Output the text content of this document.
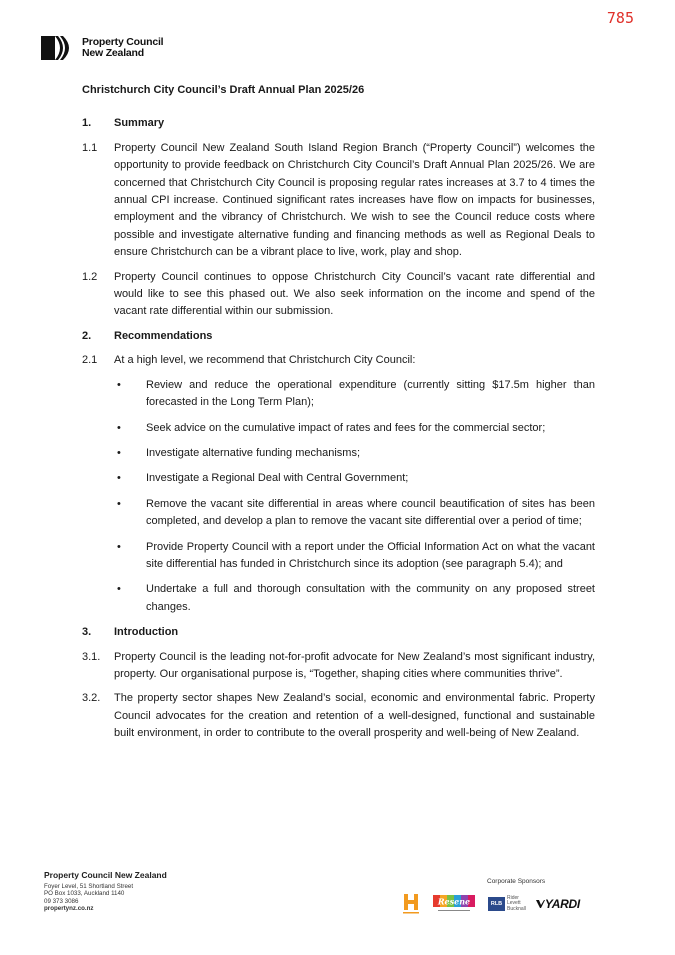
785
Property Council
New Zealand
Christchurch City Council’s Draft Annual Plan 2025/26
1.	Summary
1.1	Property Council New Zealand South Island Region Branch (“Property Council”) welcomes the opportunity to provide feedback on Christchurch City Council’s Draft Annual Plan 2025/26. We are concerned that Christchurch City Council is proposing regular rates increases at 3.7 to 4 times the annual CPI increase. Continued significant rates increases have flow on impacts for businesses, employment and the vibrancy of Christchurch. We wish to see the Council reduce costs where possible and investigate alternative funding and financing methods as well as Regional Deals to ensure Christchurch can be a vibrant place to live, work, play and shop.
1.2	Property Council continues to oppose Christchurch City Council’s vacant rate differential and would like to see this phased out. We also seek information on the income and spend of the vacant rate differential within our submission.
2.	Recommendations
2.1	At a high level, we recommend that Christchurch City Council:
•	Review and reduce the operational expenditure (currently sitting $17.5m higher than forecasted in the Long Term Plan);
•	Seek advice on the cumulative impact of rates and fees for the commercial sector;
•	Investigate alternative funding mechanisms;
•	Investigate a Regional Deal with Central Government;
•	Remove the vacant site differential in areas where council beautification of sites has been completed, and develop a plan to remove the vacant site differential over a period of time;
•	Provide Property Council with a report under the Official Information Act on what the vacant site differential has funded in Christchurch since its adoption (see paragraph 5.4); and
•	Undertake a full and thorough consultation with the community on any proposed street changes.
3.	Introduction
3.1.	Property Council is the leading not-for-profit advocate for New Zealand’s most significant industry, property. Our organisational purpose is, “Together, shaping cities where communities thrive”.
3.2.	The property sector shapes New Zealand’s social, economic and environmental fabric. Property Council advocates for the creation and retention of a well-designed, functional and sustainable built environment, in order to contribute to the overall prosperity and well-being of New Zealand.
Property Council New Zealand
Foyer Level, 51 Shortland Street
PO Box 1033, Auckland 1140
09 373 3086
propertynz.co.nz
Corporate Sponsors
Resene	RLB
Rider
Levett
Bucknall YARDI
